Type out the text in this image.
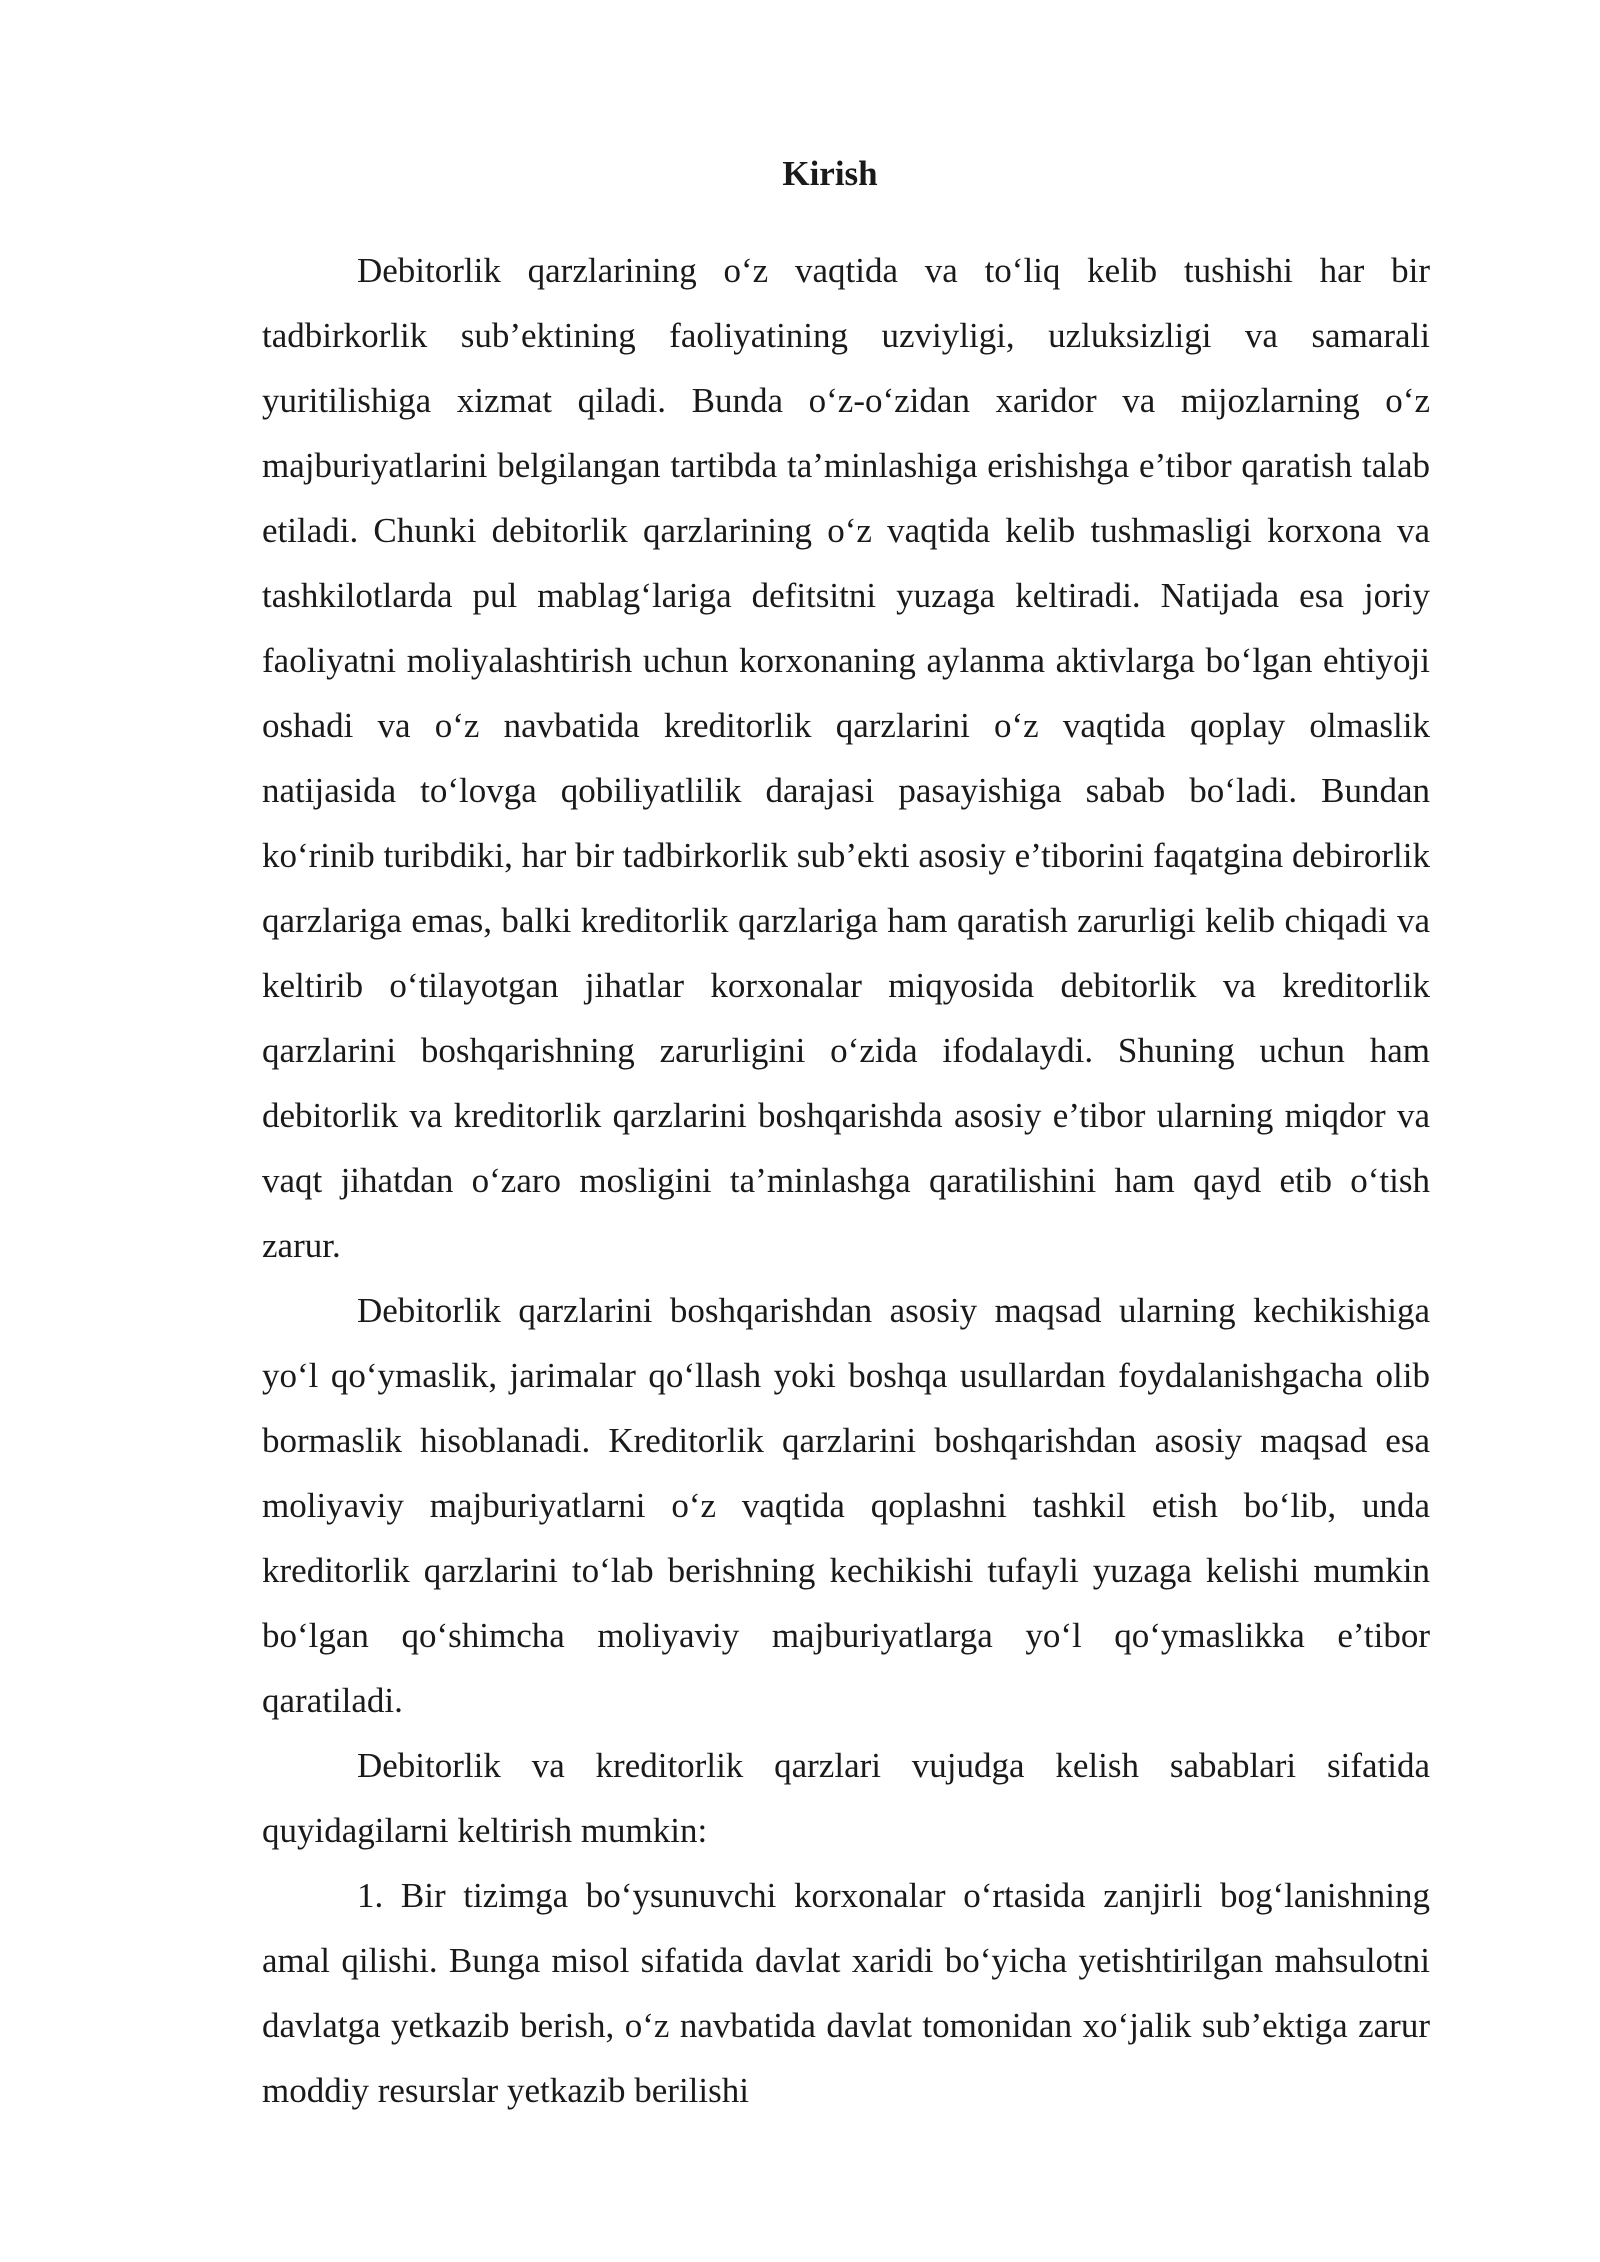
Kirish

Debitorlik qarzlarining o‘z vaqtida va to‘liq kelib tushishi har bir tadbirkorlik sub’ektining faoliyatining uzviyligi, uzluksizligi va samarali yuritilishiga xizmat qiladi. Bunda o‘z-o‘zidan xaridor va mijozlarning o‘z majburiyatlarini belgilangan tartibda ta’minlashiga erishishga e’tibor qaratish talab etiladi. Chunki debitorlik qarzlarining o‘z vaqtida kelib tushmasligi korxona va tashkilotlarda pul mablag‘lariga defitsitni yuzaga keltiradi. Natijada esa joriy faoliyatni moliyalashtirish uchun korxonaning aylanma aktivlarga bo‘lgan ehtiyoji oshadi va o‘z navbatida kreditorlik qarzlarini o‘z vaqtida qoplay olmaslik natijasida to‘lovga qobiliyatlilik darajasi pasayishiga sabab bo‘ladi. Bundan ko‘rinib turibdiki, har bir tadbirkorlik sub’ekti asosiy e’tiborini faqatgina debirorlik qarzlariga emas, balki kreditorlik qarzlariga ham qaratish zarurligi kelib chiqadi va keltirib o‘tilayotgan jihatlar korxonalar miqyosida debitorlik va kreditorlik qarzlarini boshqarishning zarurligini o‘zida ifodalaydi. Shuning uchun ham debitorlik va kreditorlik qarzlarini boshqarishda asosiy e’tibor ularning miqdor va vaqt jihatdan o‘zaro mosligini ta’minlashga qaratilishini ham qayd etib o‘tish zarur.

Debitorlik qarzlarini boshqarishdan asosiy maqsad ularning kechikishiga yo‘l qo‘ymaslik, jarimalar qo‘llash yoki boshqa usullardan foydalanishgacha olib bormaslik hisoblanadi. Kreditorlik qarzlarini boshqarishdan asosiy maqsad esa moliyaviy majburiyatlarni o‘z vaqtida qoplashni tashkil etish bo‘lib, unda kreditorlik qarzlarini to‘lab berishning kechikishi tufayli yuzaga kelishi mumkin bo‘lgan qo‘shimcha moliyaviy majburiyatlarga yo‘l qo‘ymaslikka e’tibor qaratiladi.

Debitorlik va kreditorlik qarzlari vujudga kelish sabablari sifatida quyidagilarni keltirish mumkin:

1. Bir tizimga bo‘ysunuvchi korxonalar o‘rtasida zanjirli bog‘lanishning amal qilishi. Bunga misol sifatida davlat xaridi bo‘yicha yetishtirilgan mahsulotni davlatga yetkazib berish, o‘z navbatida davlat tomonidan xo‘jalik sub’ektiga zarur moddiy resurslar yetkazib berilishi
